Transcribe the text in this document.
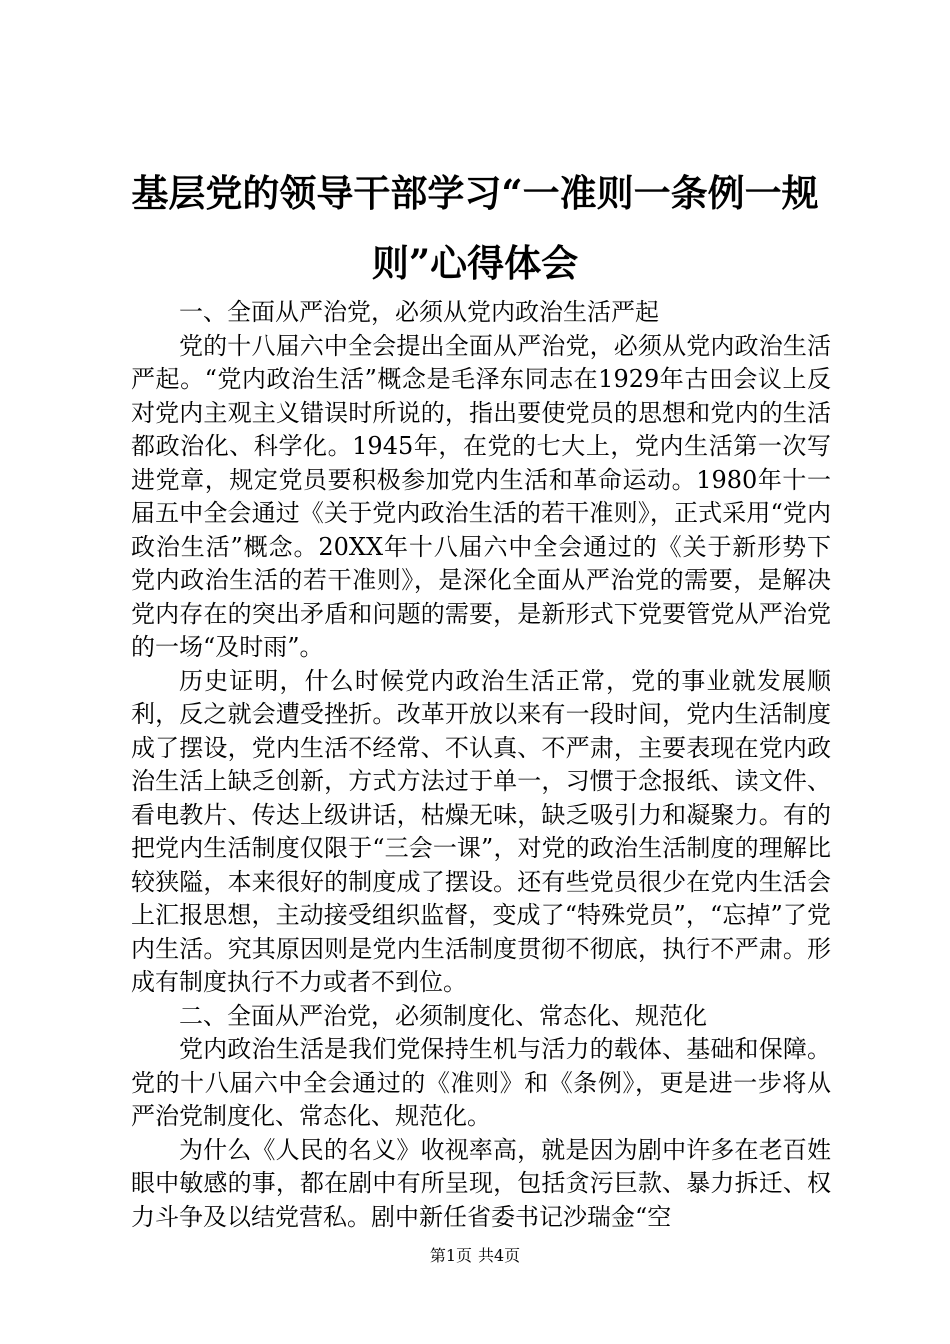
基层党的领导干部学习“一准则一条例一规则”心得体会

一、全面从严治党，必须从党内政治生活严起

党的十八届六中全会提出全面从严治党，必须从党内政治生活严起。“党内政治生活”概念是毛泽东同志在1929年古田会议上反对党内主观主义错误时所说的，指出要使党员的思想和党内的生活都政治化、科学化。1945年，在党的七大上，党内生活第一次写进党章，规定党员要积极参加党内生活和革命运动。1980年十一届五中全会通过《关于党内政治生活的若干准则》，正式采用“党内政治生活”概念。20XX年十八届六中全会通过的《关于新形势下党内政治生活的若干准则》，是深化全面从严治党的需要，是解决党内存在的突出矛盾和问题的需要，是新形式下党要管党从严治党的一场“及时雨”。

历史证明，什么时候党内政治生活正常，党的事业就发展顺利，反之就会遭受挫折。改革开放以来有一段时间，党内生活制度成了摆设，党内生活不经常、不认真、不严肃，主要表现在党内政治生活上缺乏创新，方式方法过于单一，习惯于念报纸、读文件、看电教片、传达上级讲话，枯燥无味，缺乏吸引力和凝聚力。有的把党内生活制度仅限于“三会一课”，对党的政治生活制度的理解比较狭隘，本来很好的制度成了摆设。还有些党员很少在党内生活会上汇报思想，主动接受组织监督，变成了“特殊党员”，“忘掉”了党内生活。究其原因则是党内生活制度贯彻不彻底，执行不严肃。形成有制度执行不力或者不到位。

二、全面从严治党，必须制度化、常态化、规范化

党内政治生活是我们党保持生机与活力的载体、基础和保障。党的十八届六中全会通过的《准则》和《条例》，更是进一步将从严治党制度化、常态化、规范化。

为什么《人民的名义》收视率高，就是因为剧中许多在老百姓眼中敏感的事，都在剧中有所呈现，包括贪污巨款、暴力拆迁、权力斗争及以结党营私。剧中新任省委书记沙瑞金“空

第1页 共4页
